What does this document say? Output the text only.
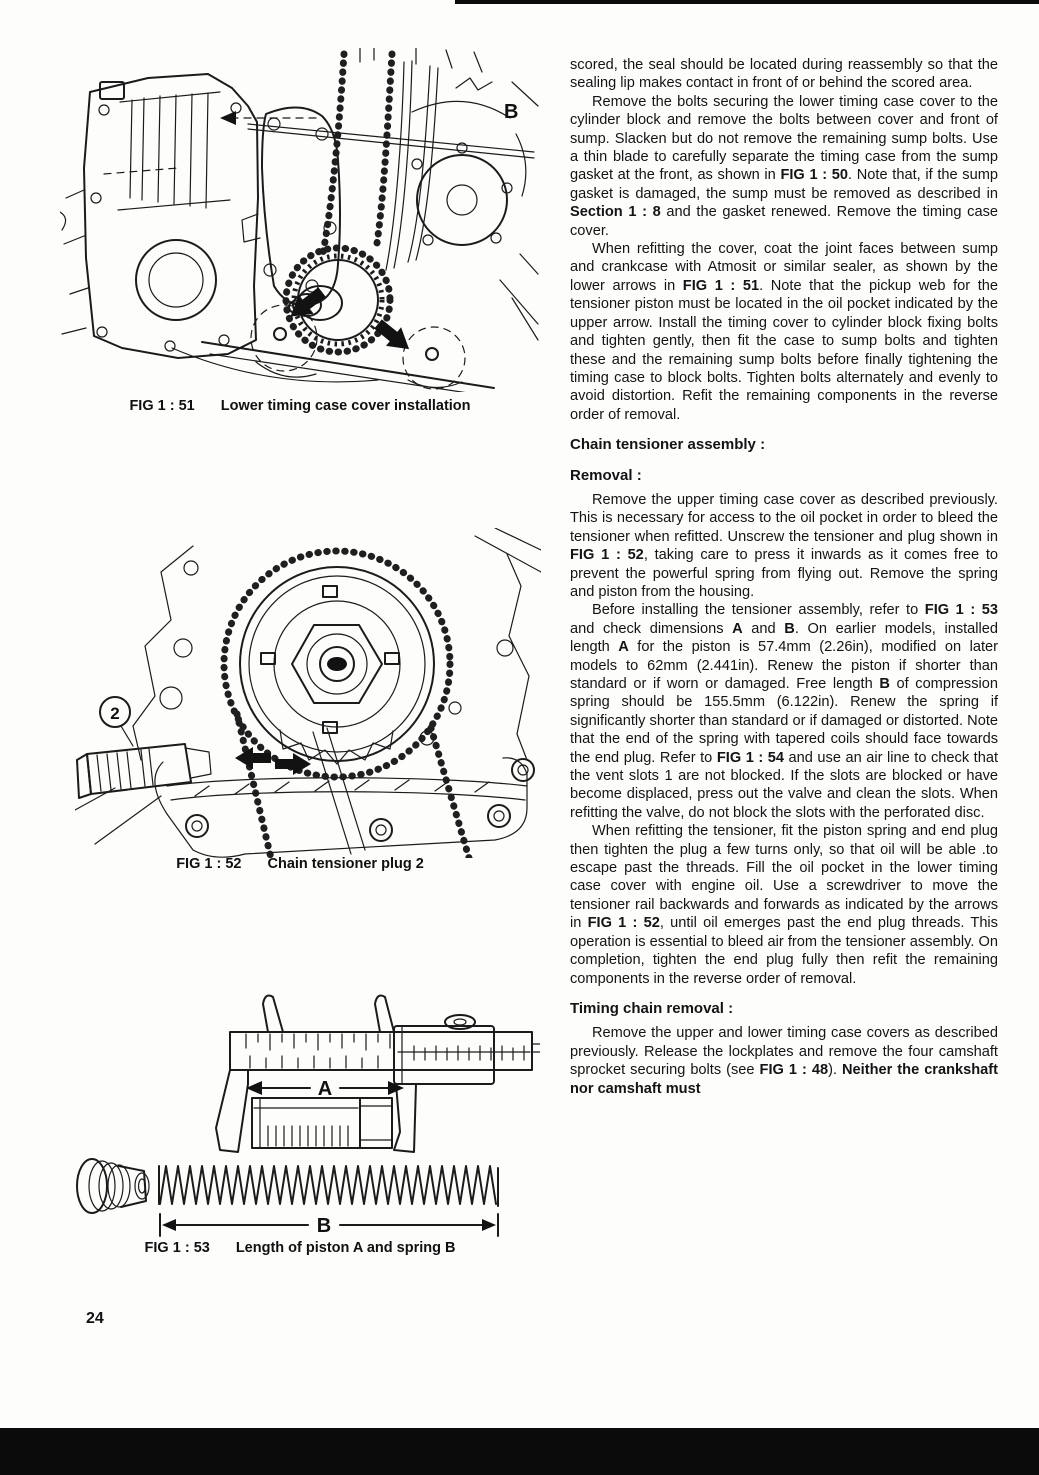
B
FIG 1 : 51 Lower timing case cover installation
2
FIG 1 : 52 Chain tensioner plug 2
A
B
FIG 1 : 53 Length of piston A and spring B

scored, the seal should be located during reassembly so that the sealing lip makes contact in front of or behind the scored area.

Remove the bolts securing the lower timing case cover to the cylinder block and remove the bolts between cover and front of sump. Slacken but do not remove the remaining sump bolts. Use a thin blade to carefully separate the timing case from the sump gasket at the front, as shown in FIG 1 : 50. Note that, if the sump gasket is damaged, the sump must be removed as described in Section 1 : 8 and the gasket renewed. Remove the timing case cover.

When refitting the cover, coat the joint faces between sump and crankcase with Atmosit or similar sealer, as shown by the lower arrows in FIG 1 : 51. Note that the pickup web for the tensioner piston must be located in the oil pocket indicated by the upper arrow. Install the timing cover to cylinder block fixing bolts and tighten gently, then fit the case to sump bolts and tighten these and the remaining sump bolts before finally tightening the timing case to block bolts. Tighten bolts alternately and evenly to avoid distortion. Refit the remaining components in the reverse order of removal.

Chain tensioner assembly :
Removal :

Remove the upper timing case cover as described previously. This is necessary for access to the oil pocket in order to bleed the tensioner when refitted. Unscrew the tensioner and plug shown in FIG 1 : 52, taking care to press it inwards as it comes free to prevent the powerful spring from flying out. Remove the spring and piston from the housing.

Before installing the tensioner assembly, refer to FIG 1 : 53 and check dimensions A and B. On earlier models, installed length A for the piston is 57.4mm (2.26in), modified on later models to 62mm (2.441in). Renew the piston if shorter than standard or if worn or damaged. Free length B of compression spring should be 155.5mm (6.122in). Renew the spring if significantly shorter than standard or if damaged or distorted. Note that the end of the spring with tapered coils should face towards the end plug. Refer to FIG 1 : 54 and use an air line to check that the vent slots 1 are not blocked. If the slots are blocked or have become displaced, press out the valve and clean the slots. When refitting the valve, do not block the slots with the perforated disc.

When refitting the tensioner, fit the piston spring and end plug then tighten the plug a few turns only, so that oil will be able .to escape past the threads. Fill the oil pocket in the lower timing case cover with engine oil. Use a screwdriver to move the tensioner rail backwards and forwards as indicated by the arrows in FIG 1 : 52, until oil emerges past the end plug threads. This operation is essential to bleed air from the tensioner assembly. On completion, tighten the end plug fully then refit the remaining components in the reverse order of removal.

Timing chain removal :

Remove the upper and lower timing case covers as described previously. Release the lockplates and remove the four camshaft sprocket securing bolts (see FIG 1 : 48). Neither the crankshaft nor camshaft must

24
